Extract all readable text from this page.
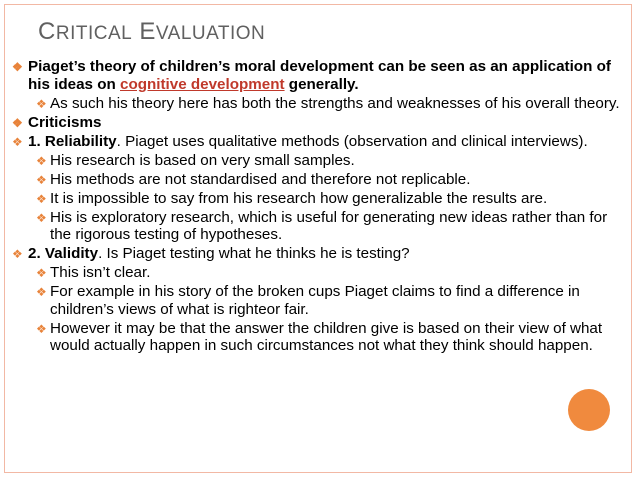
CRITICAL EVALUATION
❖ Piaget’s theory of children’s moral development can be seen as an application of his ideas on cognitive development generally.
❖ As such his theory here has both the strengths and weaknesses of his overall theory.
❖ Criticisms
❖ 1. Reliability. Piaget uses qualitative methods (observation and clinical interviews).
❖ His research is based on very small samples.
❖ His methods are not standardised and therefore not replicable.
❖ It is impossible to say from his research how generalizable the results are.
❖ His is exploratory research, which is useful for generating new ideas rather than for the rigorous testing of hypotheses.
❖ 2. Validity. Is Piaget testing what he thinks he is testing?
❖ This isn’t clear.
❖ For example in his story of the broken cups Piaget claims to find a difference in children’s views of what is righteor fair.
❖ However it may be that the answer the children give is based on their view of what would actually happen in such circumstances not what they think should happen.
